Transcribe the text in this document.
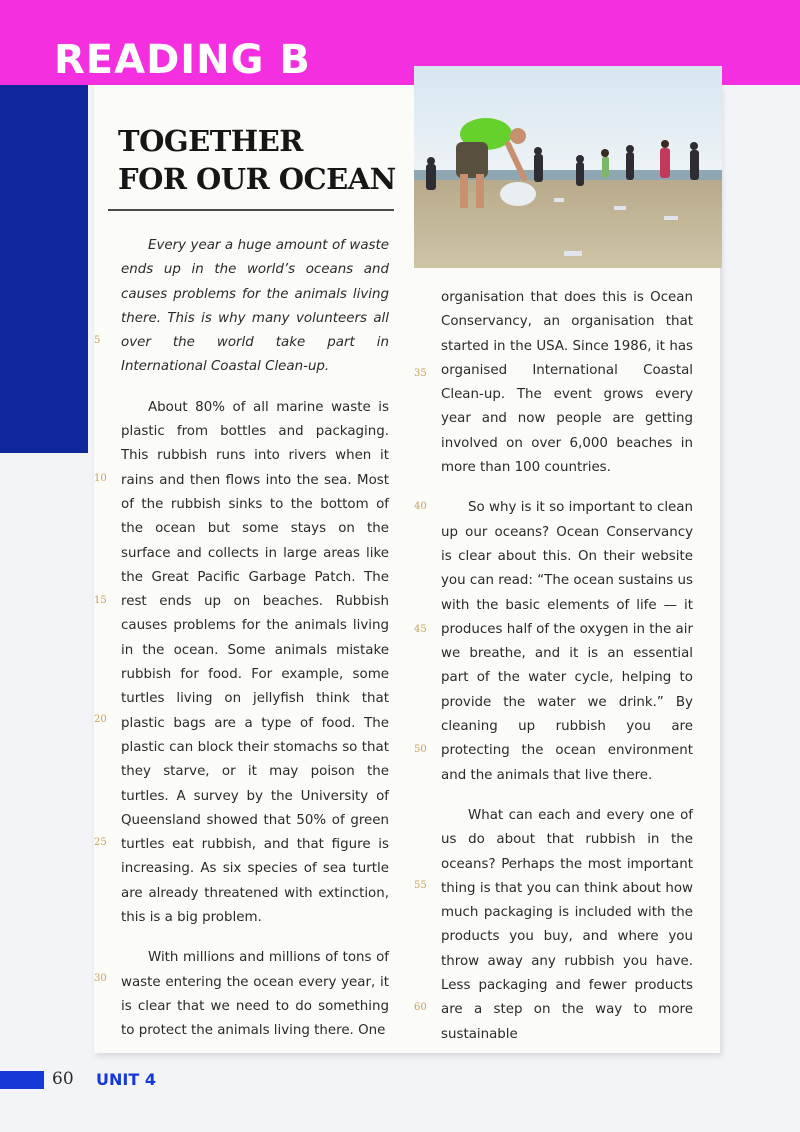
READING B
TOGETHER
FOR OUR OCEAN

Every year a huge amount of waste ends up in the world’s oceans and causes problems for the animals living there. This is why many volunteers all over the world take part in International Coastal Clean-up.

About 80% of all marine waste is plastic from bottles and packaging. This rubbish runs into rivers when it rains and then flows into the sea. Most of the rubbish sinks to the bottom of the ocean but some stays on the surface and collects in large areas like the Great Pacific Garbage Patch. The rest ends up on beaches. Rubbish causes problems for the animals living in the ocean. Some animals mistake rubbish for food. For example, some turtles living on jellyfish think that plastic bags are a type of food. The plastic can block their stomachs so that they starve, or it may poison the turtles. A survey by the University of Queensland showed that 50% of green turtles eat rubbish, and that figure is increasing. As six species of sea turtle are already threatened with extinction, this is a big problem.

With millions and millions of tons of waste entering the ocean every year, it is clear that we need to do something to protect the animals living there. One

organisation that does this is Ocean Conservancy, an organisation that started in the USA. Since 1986, it has organised International Coastal Clean-up. The event grows every year and now people are getting involved on over 6,000 beaches in more than 100 countries.

So why is it so important to clean up our oceans? Ocean Conservancy is clear about this. On their website you can read: “The ocean sustains us with the basic elements of life — it produces half of the oxygen in the air we breathe, and it is an essential part of the water cycle, helping to provide the water we drink.” By cleaning up rubbish you are protecting the ocean environment and the animals that live there.

What can each and every one of us do about that rubbish in the oceans? Perhaps the most important thing is that you can think about how much packaging is included with the products you buy, and where you throw away any rubbish you have. Less packaging and fewer products are a step on the way to more sustainable

5
10
15
20
25
30
35
40
45
50
55
60
60 UNIT 4
